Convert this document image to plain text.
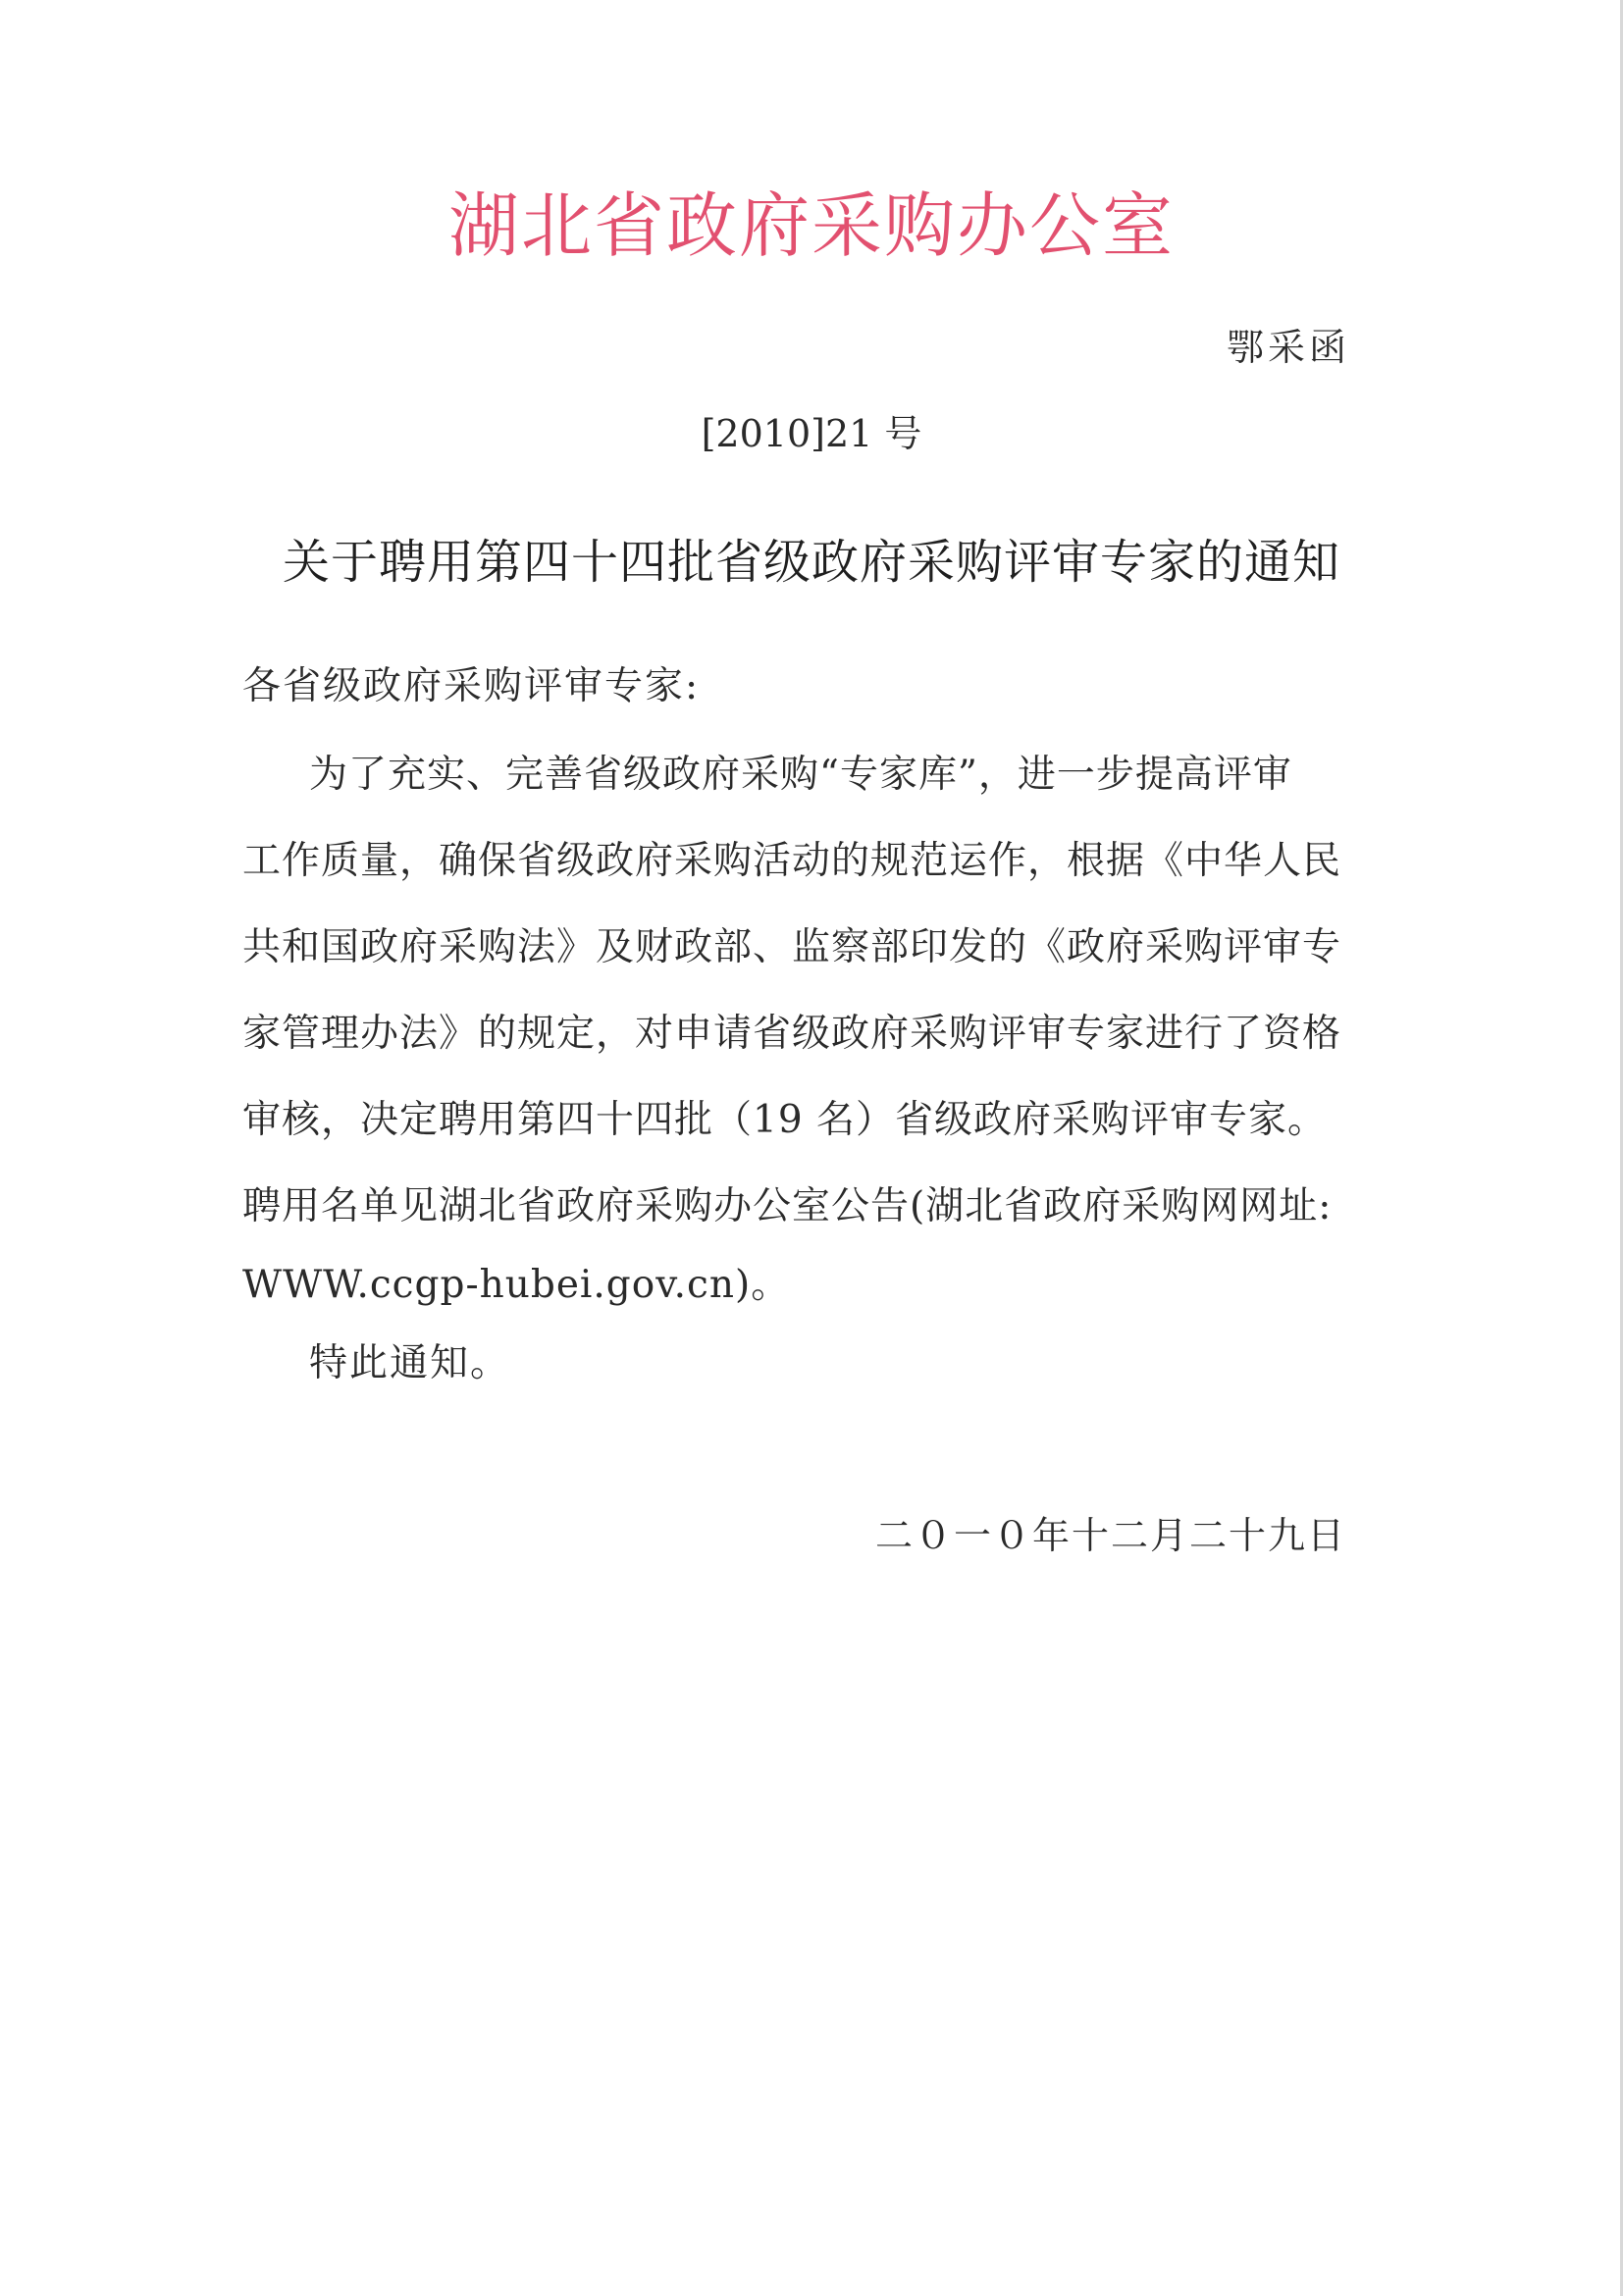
湖北省政府采购办公室
鄂采函
[2010]21 号
关于聘用第四十四批省级政府采购评审专家的通知
各省级政府采购评审专家:
为了充实、完善省级政府采购“专家库”，进一步提高评审
工作质量，确保省级政府采购活动的规范运作，根据《中华人民
共和国政府采购法》及财政部、监察部印发的《政府采购评审专
家管理办法》的规定，对申请省级政府采购评审专家进行了资格
审核，决定聘用第四十四批（19 名）省级政府采购评审专家。
聘用名单见湖北省政府采购办公室公告(湖北省政府采购网网址:
WWW.ccgp-hubei.gov.cn)。
特此通知。
二０一０年十二月二十九日
